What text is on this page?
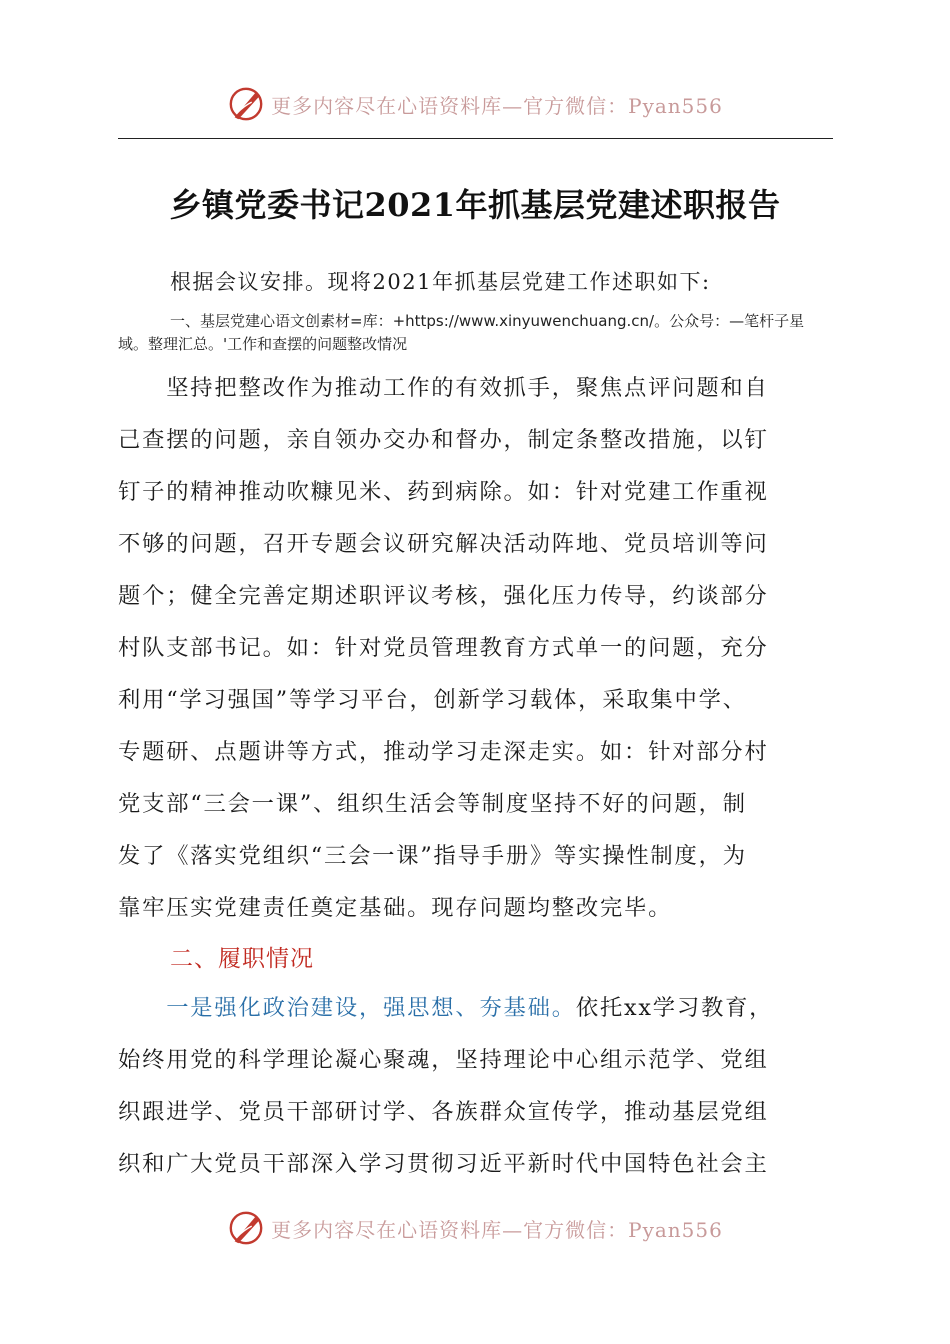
更多内容尽在心语资料库—官方微信：Pyan556
乡镇党委书记2021年抓基层党建述职报告
根据会议安排。现将2021年抓基层党建工作述职如下:
一、基层党建心语文创素材=库：+https://www.xinyuwenchuang.cn/。公众号：—笔杆子星域。整理汇总。'工作和查摆的问题整改情况
　　坚持把整改作为推动工作的有效抓手，聚焦点评问题和自
己查摆的问题，亲自领办交办和督办，制定条整改措施，以钉
钉子的精神推动吹糠见米、药到病除。如：针对党建工作重视
不够的问题，召开专题会议研究解决活动阵地、党员培训等问
题个；健全完善定期述职评议考核，强化压力传导，约谈部分
村队支部书记。如：针对党员管理教育方式单一的问题，充分
利用“学习强国”等学习平台，创新学习载体，采取集中学、
专题研、点题讲等方式，推动学习走深走实。如：针对部分村
党支部“三会一课”、组织生活会等制度坚持不好的问题，制
发了《落实党组织“三会一课”指导手册》等实操性制度，为
靠牢压实党建责任奠定基础。现存问题均整改完毕。
二、履职情况
　　一是强化政治建设，强思想、夯基础。依托xx学习教育，
始终用党的科学理论凝心聚魂，坚持理论中心组示范学、党组
织跟进学、党员干部研讨学、各族群众宣传学，推动基层党组
织和广大党员干部深入学习贯彻习近平新时代中国特色社会主
更多内容尽在心语资料库—官方微信：Pyan556
